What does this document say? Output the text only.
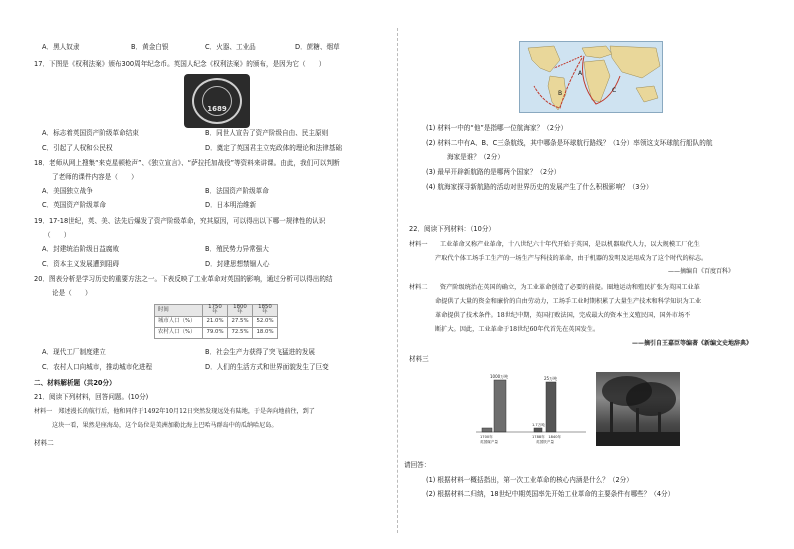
A．黑人奴隶	B．黄金白银	C．火器、工业品	D．蔗糖、烟草
17．下图是《权利法案》颁布300周年纪念币。英国人纪念《权利法案》的颁布，是因为它（　　）
1689
A．标志着英国资产阶级革命结束	B．同世人宣告了资产阶级自由、民主原则
C．引起了人权和公民权	D．奠定了英国君主立宪政体的理论和法律基础
18．老师从网上搜集“来克星顿枪声”、《独立宣言》、“萨拉托加战役”等资料来讲课。由此，我们可以判断
了老师的课件内容是（　　）
A．美国独立战争	B．法国资产阶级革命
C．英国资产阶级革命	D．日本明治维新
19．17-18世纪，英、美、法先后爆发了资产阶级革命，究其原因，可以得出以下哪一规律性的认识
（　　）
A．封建统治阶级日益腐败	B．殖民势力异常强大
C．资本主义发展遭到阻碍	D．封建思想禁锢人心
20．图表分析是学习历史的重要方法之一。下表反映了工业革命对英国的影响，通过分析可以得出的结
论是（　　）
时间	1750年	1800年	1850年
城市人口（%）	21.0%	27.5%	52.0%
农村人口（%）	79.0%	72.5%	18.0%
A．现代工厂制度建立	B．社会生产力获得了突飞猛进的发展
C．农村人口向城市，推动城市化进程	D．人们的生活方式和世界面貌发生了巨变
二、材料解析题（共20分）
21．阅读下列材料，回答问题。(10分)
材料一　郑述漫长的航行后，他和同伴于1492年10月12日突然发现远处有陆地，于是奔向地前往，到了
这块一看，果然是座海岛，这个岛位是美洲加勒比海上巴哈马群岛中的瓜纳哈尼岛。
材料二
B
A
C
(1) 材料一中的“他”是指哪一位航海家？（2分）
(2) 材料二中有A、B、C三条航线，其中哪条是环球航行路线？（1分）率领这支环球航行船队的航
海家是谁？（2分）
(3) 最早开辟新航路的是哪两个国家？（2分）
(4) 航海家探寻新航路的活动对世界历史的发展产生了什么积极影响？（3分）
22．阅读下列材料：（10分）
材料一　　工业革命又称产业革命，十八世纪六十年代开始于英国，是以机器取代人力，以大规模工厂化生
产取代个体工场手工生产的一场生产与科技的革命，由于机器的发明及运用成为了这个时代的标志。
——摘编自《百度百科》
材料二　　资产阶级统治在英国的确立，为工业革命创造了必要的前提。圈地运动和殖民扩张为英国工业革
命提供了大量的资金和廉价的自由劳动力，工场手工业时期积累了大量生产技术和科学知识为工业
革命提供了技术条件。18世纪中期，英国打败法国，完成最大的资本主义殖民国，国外市场不
断扩大。因此，工业革命于18世纪60年代首先在英国发生。
——摘引自王嘉臣等编著《新编文史地辞典》
材料三
1000万吨
1700年
英国煤产量
25万吨
1.7万吨
1788年　1840年
英国铁产量
请回答：
(1) 根据材料一概括指出，第一次工业革命的核心内涵是什么？（2分）
(2) 根据材料二归纳，18世纪中期英国率先开始工业革命的主要条件有哪些？（4分）
